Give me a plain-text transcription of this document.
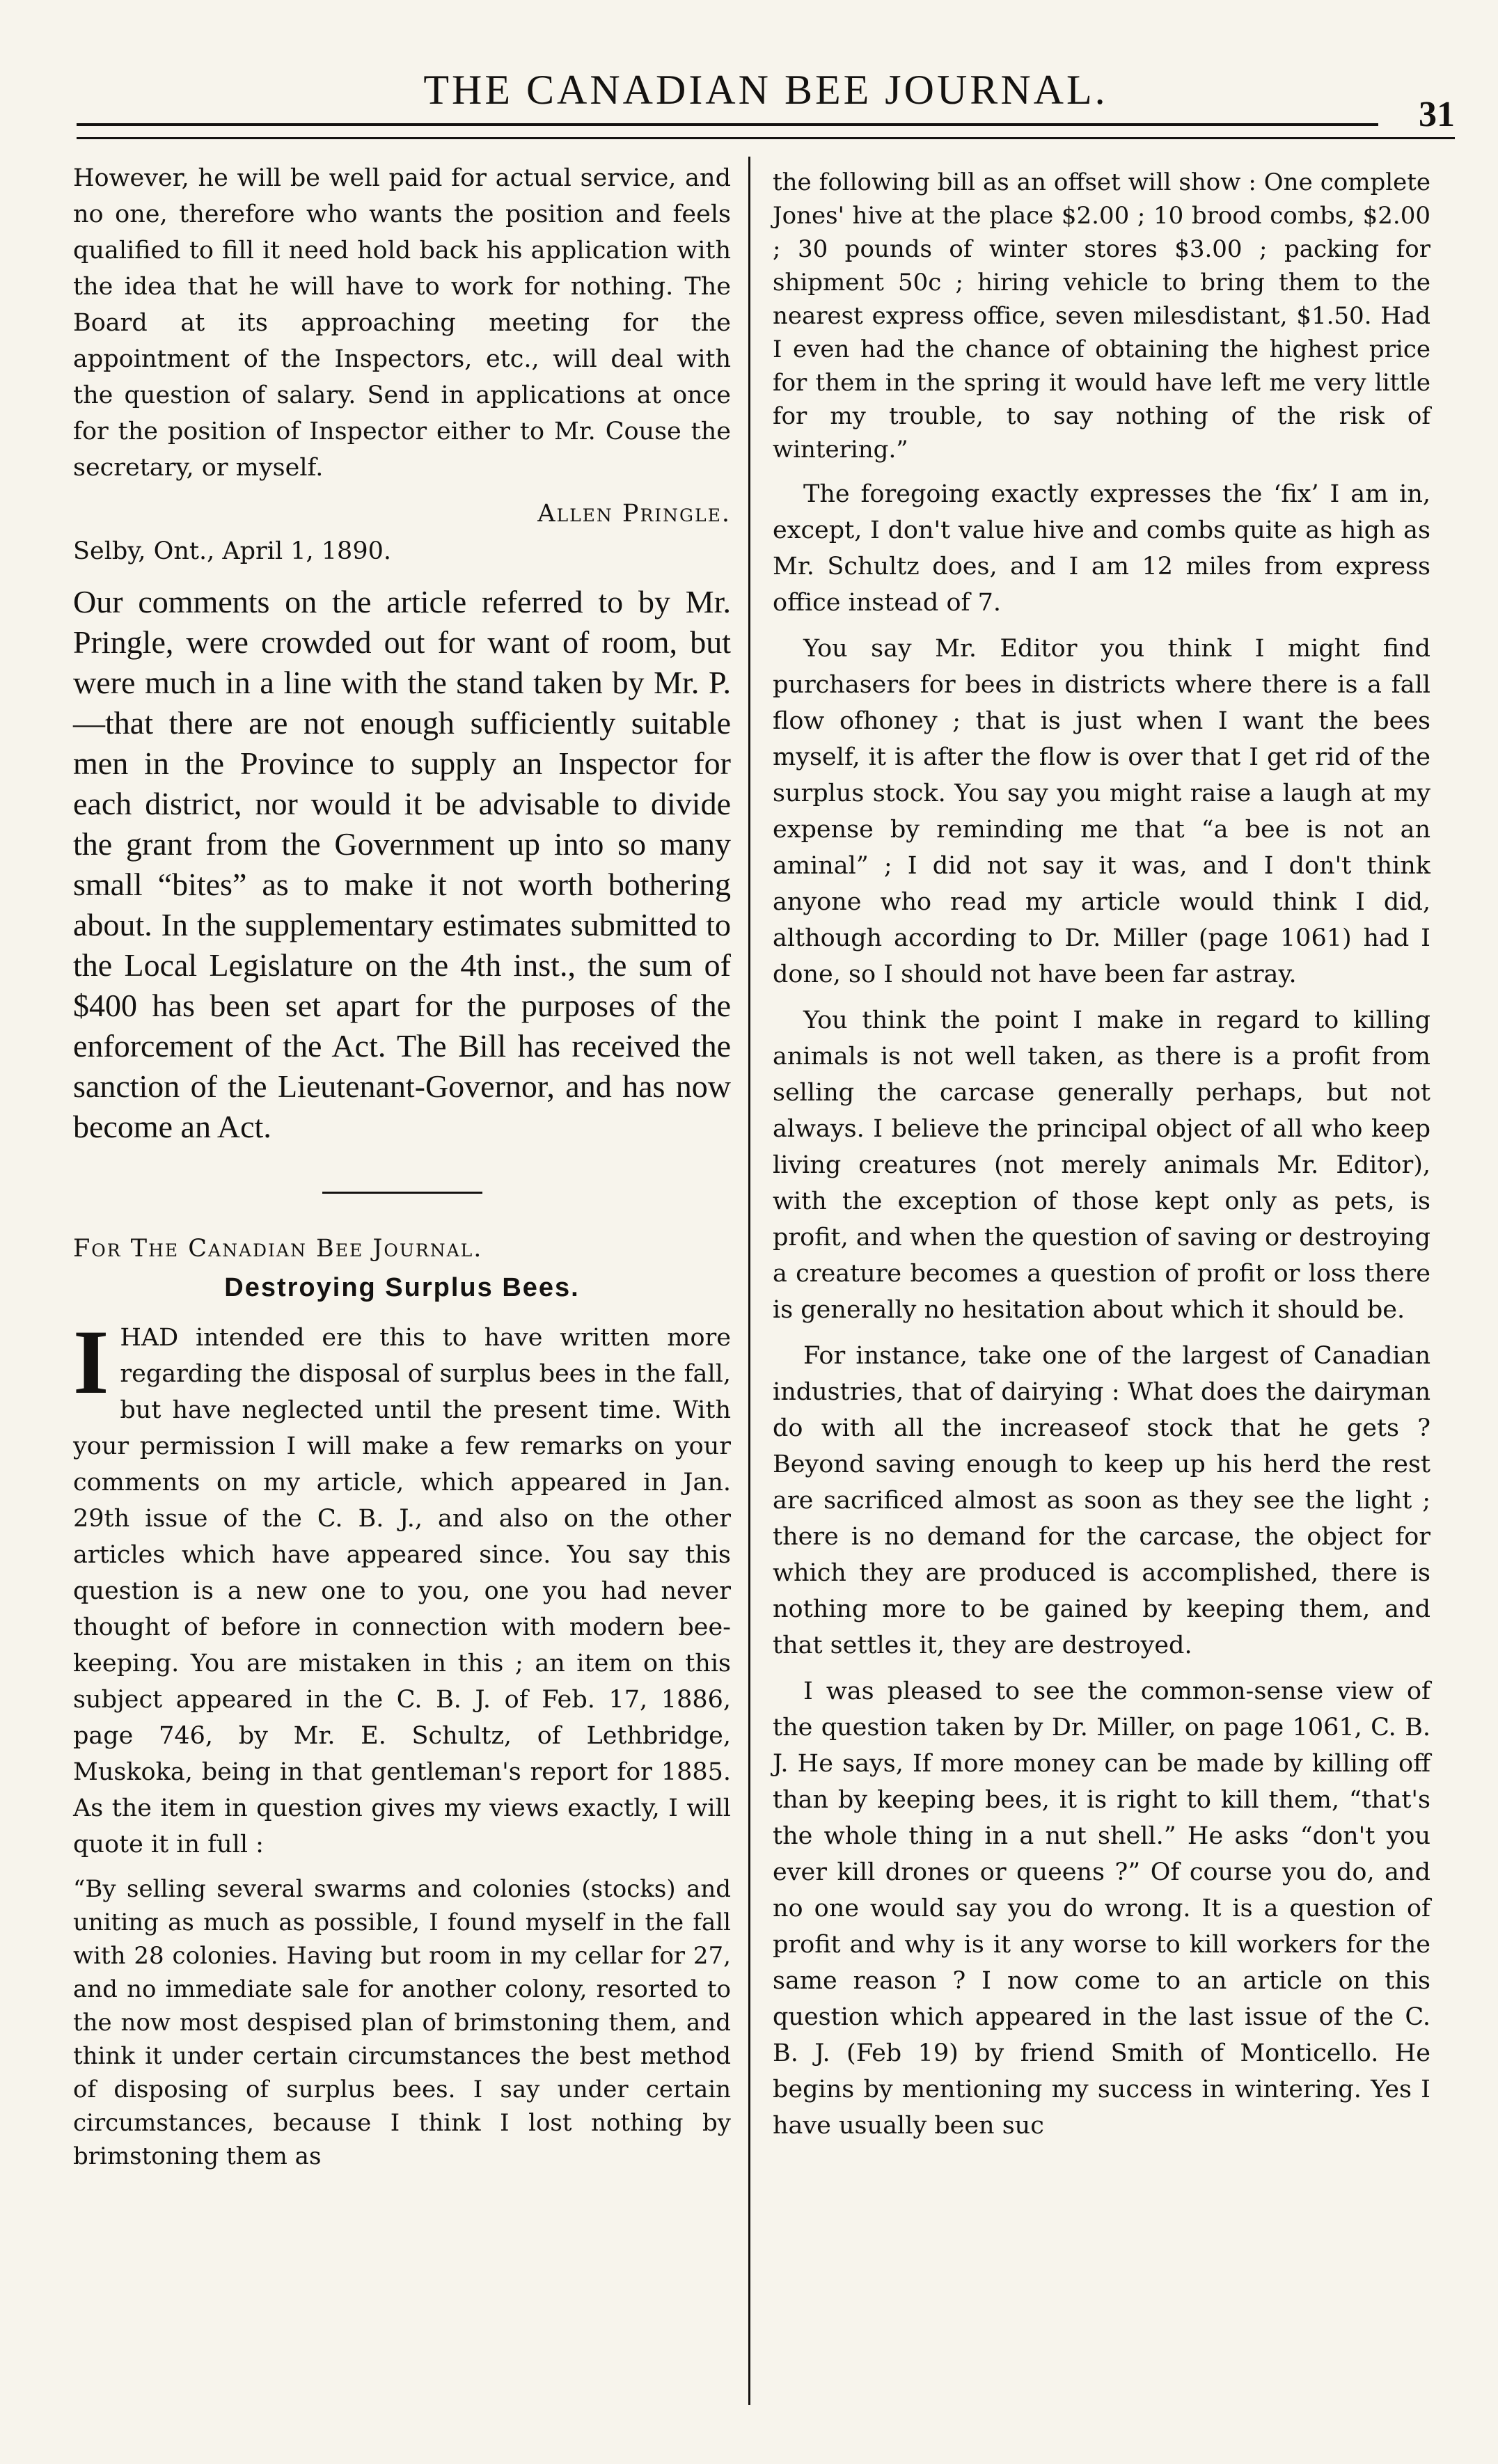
THE CANADIAN BEE JOURNAL.
31

However, he will be well paid for actual service, and no one, therefore who wants the position and feels qualified to fill it need hold back his application with the idea that he will have to work for nothing. The Board at its approaching meeting for the appointment of the Inspectors, etc., will deal with the question of salary. Send in applications at once for the position of Inspector either to Mr. Couse the secretary, or myself.

Allen Pringle.

Selby, Ont., April 1, 1890.

Our comments on the article referred to by Mr. Pringle, were crowded out for want of room, but were much in a line with the stand taken by Mr. P.—that there are not enough sufficiently suitable men in the Province to supply an Inspector for each district, nor would it be advisable to divide the grant from the Government up into so many small “bites” as to make it not worth bothering about. In the supplementary estimates submitted to the Local Legislature on the 4th inst., the sum of $400 has been set apart for the purposes of the enforcement of the Act. The Bill has received the sanction of the Lieutenant-Governor, and has now become an Act.
For The Canadian Bee Journal.
Destroying Surplus Bees.

IHAD intended ere this to have written more regarding the disposal of surplus bees in the fall, but have neglected until the present time. With your permission I will make a few remarks on your comments on my article, which appeared in Jan. 29th issue of the C. B. J., and also on the other articles which have appeared since. You say this question is a new one to you, one you had never thought of before in connection with modern bee-keeping. You are mistaken in this ; an item on this subject appeared in the C. B. J. of Feb. 17, 1886, page 746, by Mr. E. Schultz, of Lethbridge, Muskoka, being in that gentleman's report for 1885. As the item in question gives my views exactly, I will quote it in full :

“By selling several swarms and colonies (stocks) and uniting as much as possible, I found myself in the fall with 28 colonies. Having but room in my cellar for 27, and no immediate sale for another colony, resorted to the now most despised plan of brimstoning them, and think it under certain circumstances the best method of disposing of surplus bees. I say under certain circumstances, because I think I lost nothing by brimstoning them as
the following bill as an offset will show : One complete Jones' hive at the place $2.00 ; 10 brood combs, $2.00 ; 30 pounds of winter stores $3.00 ; packing for shipment 50c ; hiring vehicle to bring them to the nearest express office, seven milesdistant, $1.50. Had I even had the chance of obtaining the highest price for them in the spring it would have left me very little for my trouble, to say nothing of the risk of wintering.”

The foregoing exactly expresses the ‘fix’ I am in, except, I don't value hive and combs quite as high as Mr. Schultz does, and I am 12 miles from express office instead of 7.

You say Mr. Editor you think I might find purchasers for bees in districts where there is a fall flow ofhoney ; that is just when I want the bees myself, it is after the flow is over that I get rid of the surplus stock. You say you might raise a laugh at my expense by reminding me that “a bee is not an aminal” ; I did not say it was, and I don't think anyone who read my article would think I did, although according to Dr. Miller (page 1061) had I done, so I should not have been far astray.

You think the point I make in regard to killing animals is not well taken, as there is a profit from selling the carcase generally perhaps, but not always. I believe the principal object of all who keep living creatures (not merely animals Mr. Editor), with the exception of those kept only as pets, is profit, and when the question of saving or destroying a creature becomes a question of profit or loss there is generally no hesitation about which it should be.

For instance, take one of the largest of Canadian industries, that of dairying : What does the dairyman do with all the increaseof stock that he gets ? Beyond saving enough to keep up his herd the rest are sacrificed almost as soon as they see the light ; there is no demand for the carcase, the object for which they are produced is accomplished, there is nothing more to be gained by keeping them, and that settles it, they are destroyed.

I was pleased to see the common-sense view of the question taken by Dr. Miller, on page 1061, C. B. J. He says, If more money can be made by killing off than by keeping bees, it is right to kill them, “that's the whole thing in a nut shell.” He asks “don't you ever kill drones or queens ?” Of course you do, and no one would say you do wrong. It is a question of profit and why is it any worse to kill workers for the same reason ? I now come to an article on this question which appeared in the last issue of the C. B. J. (Feb 19) by friend Smith of Monticello. He begins by mentioning my success in wintering. Yes I have usually been suc
